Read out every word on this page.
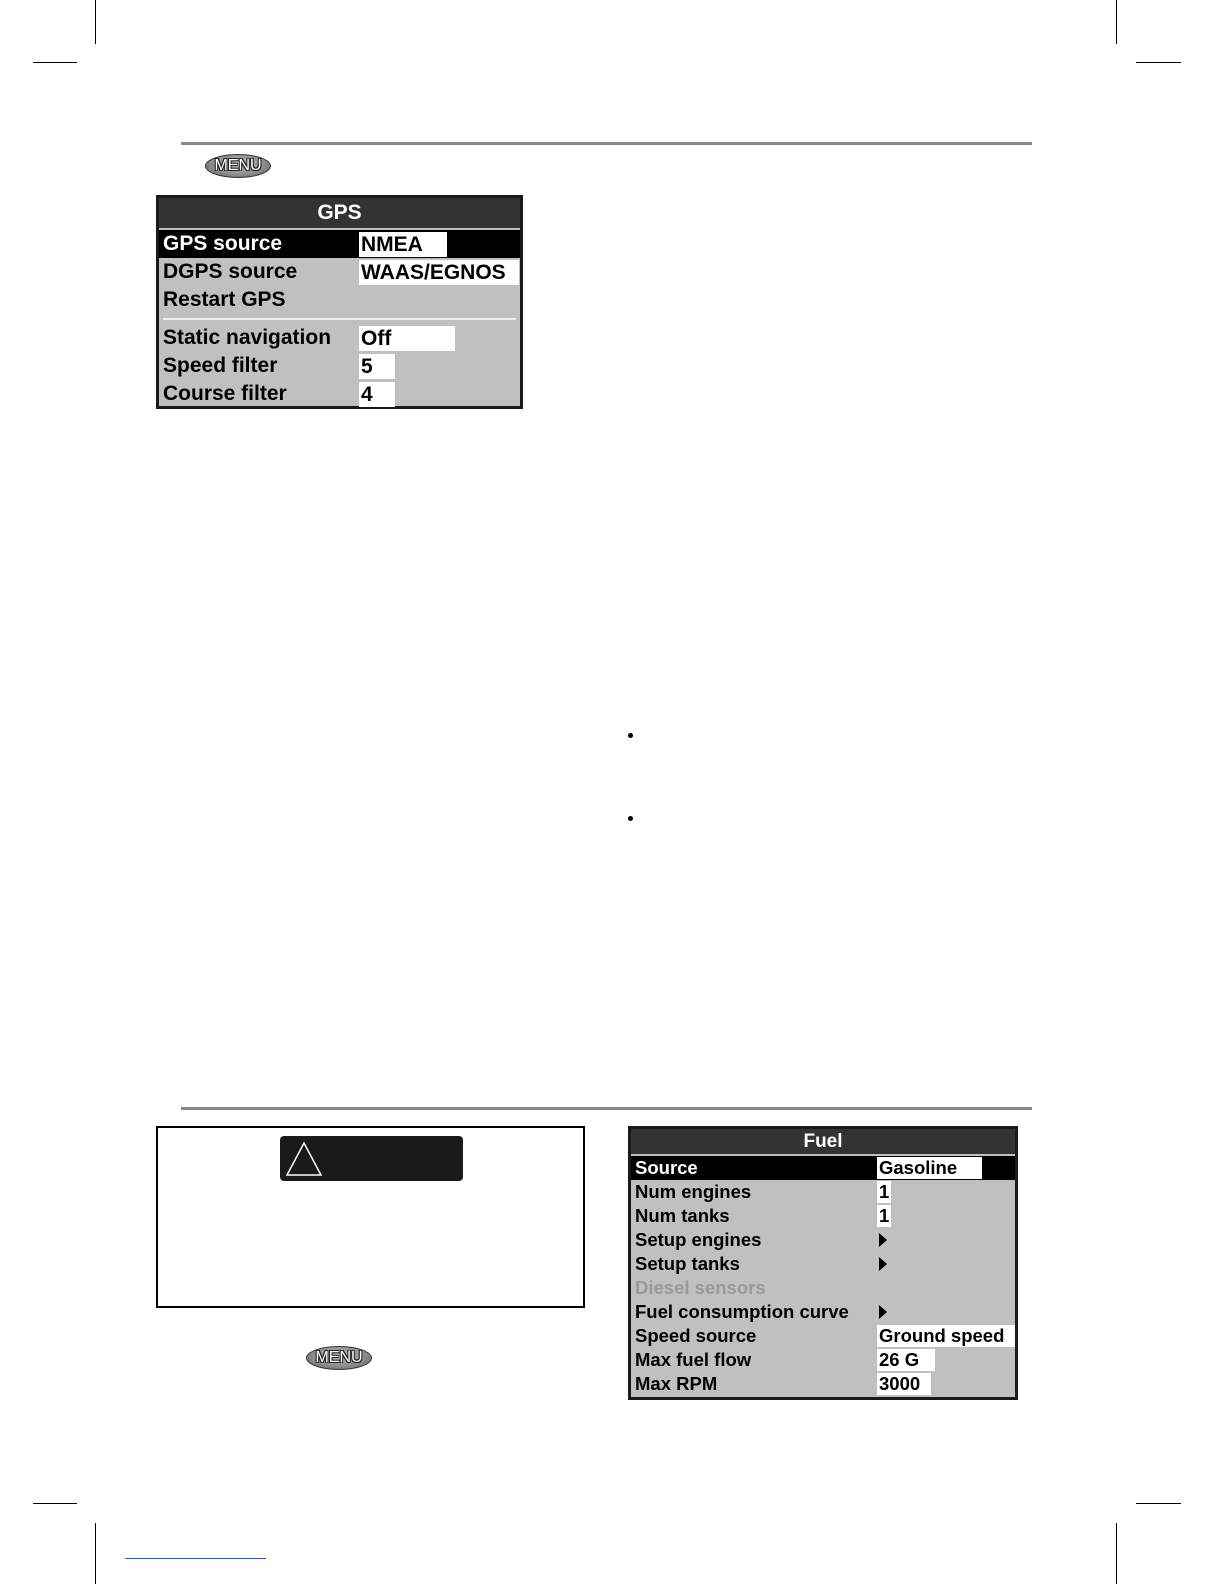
MENU
GPS
GPS source	NMEA
DGPS source	WAAS/EGNOS
Restart GPS
Static navigation Off
Speed filter	5
Course filter	4
MENU
Fuel
Source	Gasoline
Num engines	1
Num tanks	1
Setup engines
Setup tanks
Diesel sensors
Fuel consumption curve
Speed source	Ground speed
Max fuel flow	26 G
Max RPM	3000
